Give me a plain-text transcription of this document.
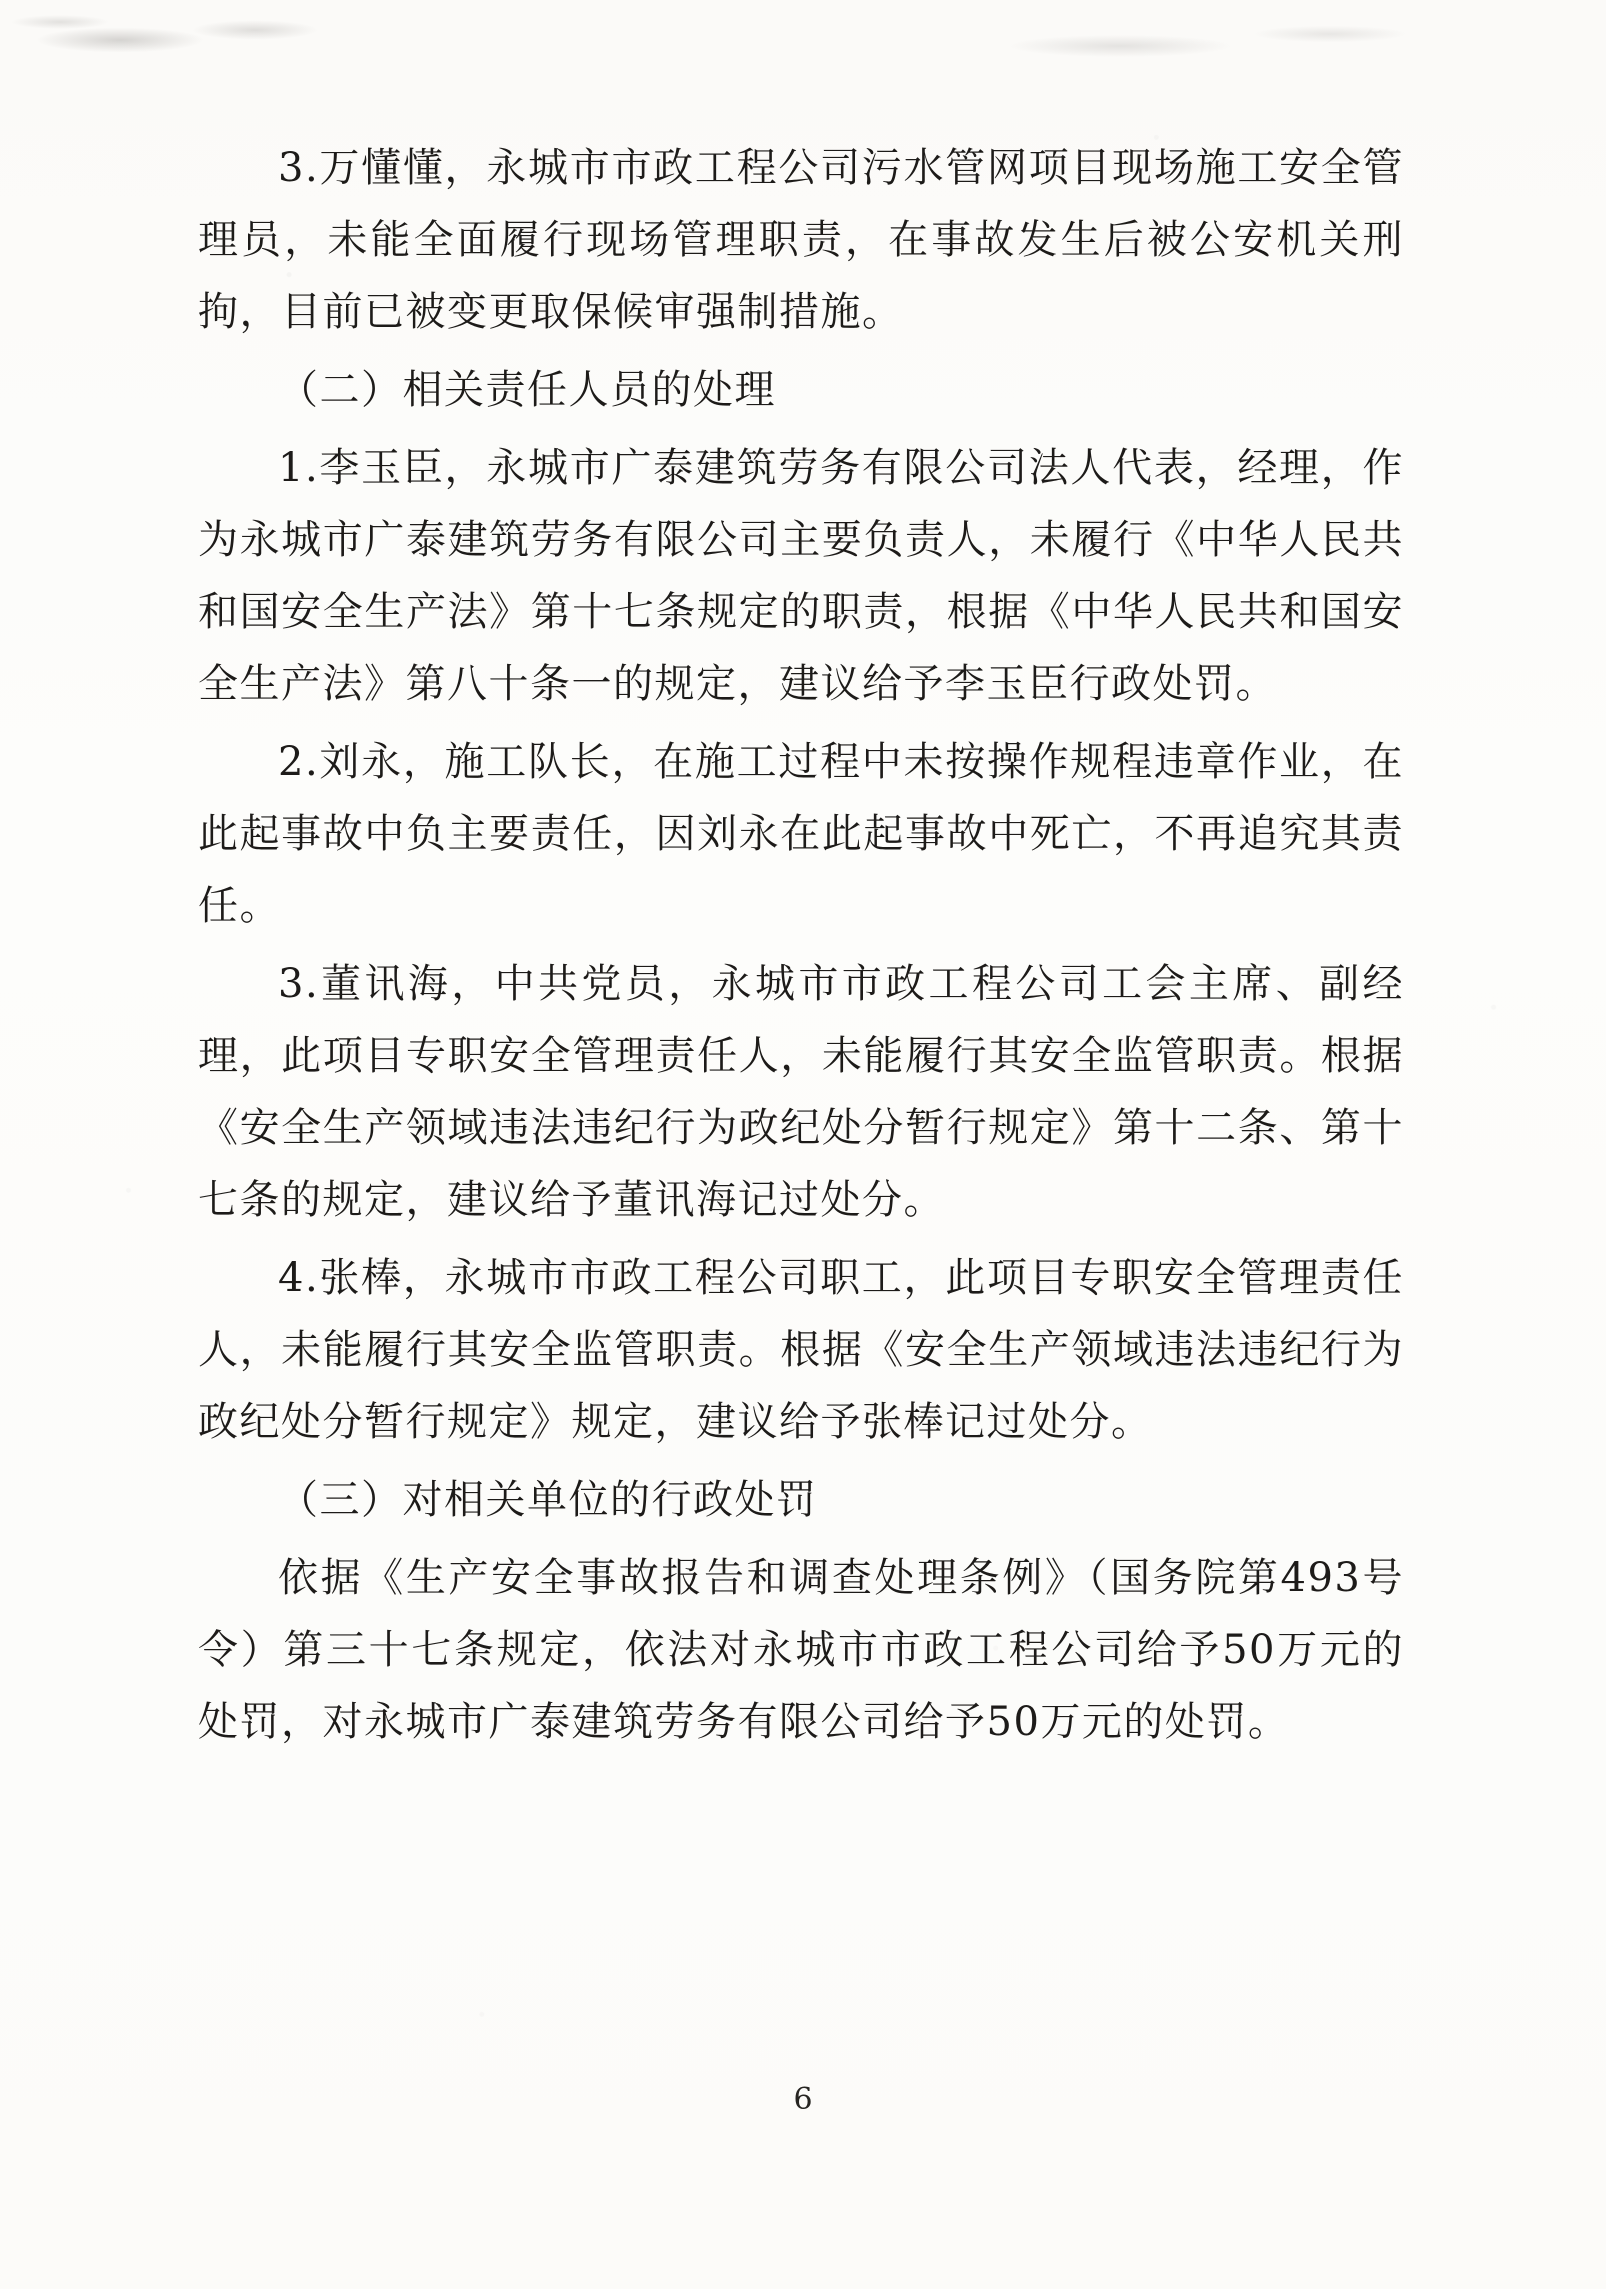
3.万懂懂，永城市市政工程公司污水管网项目现场施工安全管理员，未能全面履行现场管理职责，在事故发生后被公安机关刑拘，目前已被变更取保候审强制措施。

（二）相关责任人员的处理

1.李玉臣，永城市广泰建筑劳务有限公司法人代表，经理，作为永城市广泰建筑劳务有限公司主要负责人，未履行《中华人民共和国安全生产法》第十七条规定的职责，根据《中华人民共和国安全生产法》第八十条一的规定，建议给予李玉臣行政处罚。

2.刘永，施工队长，在施工过程中未按操作规程违章作业，在此起事故中负主要责任，因刘永在此起事故中死亡，不再追究其责任。

3.董讯海，中共党员，永城市市政工程公司工会主席、副经理，此项目专职安全管理责任人，未能履行其安全监管职责。根据《安全生产领域违法违纪行为政纪处分暂行规定》第十二条、第十七条的规定，建议给予董讯海记过处分。

4.张棒，永城市市政工程公司职工，此项目专职安全管理责任人，未能履行其安全监管职责。根据《安全生产领域违法违纪行为政纪处分暂行规定》规定，建议给予张棒记过处分。

（三）对相关单位的行政处罚

依据《生产安全事故报告和调查处理条例》（国务院第493号令）第三十七条规定，依法对永城市市政工程公司给予50万元的处罚，对永城市广泰建筑劳务有限公司给予50万元的处罚。

6
